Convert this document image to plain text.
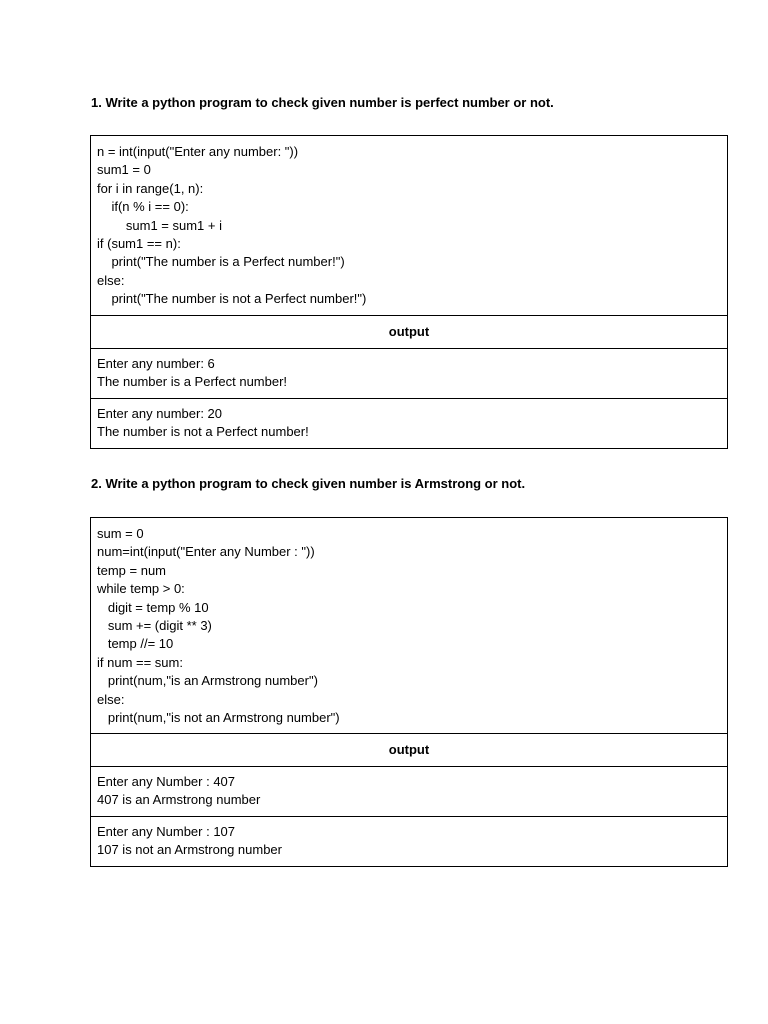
1. Write a python program to check given number is perfect number or not.
n = int(input("Enter any number: "))
sum1 = 0
for i in range(1, n):
if(n % i == 0):
sum1 = sum1 + i
if (sum1 == n):
print("The number is a Perfect number!")
else:
print("The number is not a Perfect number!")
output
Enter any number: 6
The number is a Perfect number!
Enter any number: 20
The number is not a Perfect number!
2. Write a python program to check given number is Armstrong or not.
sum = 0
num=int(input("Enter any Number : "))
temp = num
while temp > 0:
digit = temp % 10
sum += (digit ** 3)
temp //= 10
if num == sum:
print(num,"is an Armstrong number")
else:
print(num,"is not an Armstrong number")
output
Enter any Number : 407
407 is an Armstrong number
Enter any Number : 107
107 is not an Armstrong number
